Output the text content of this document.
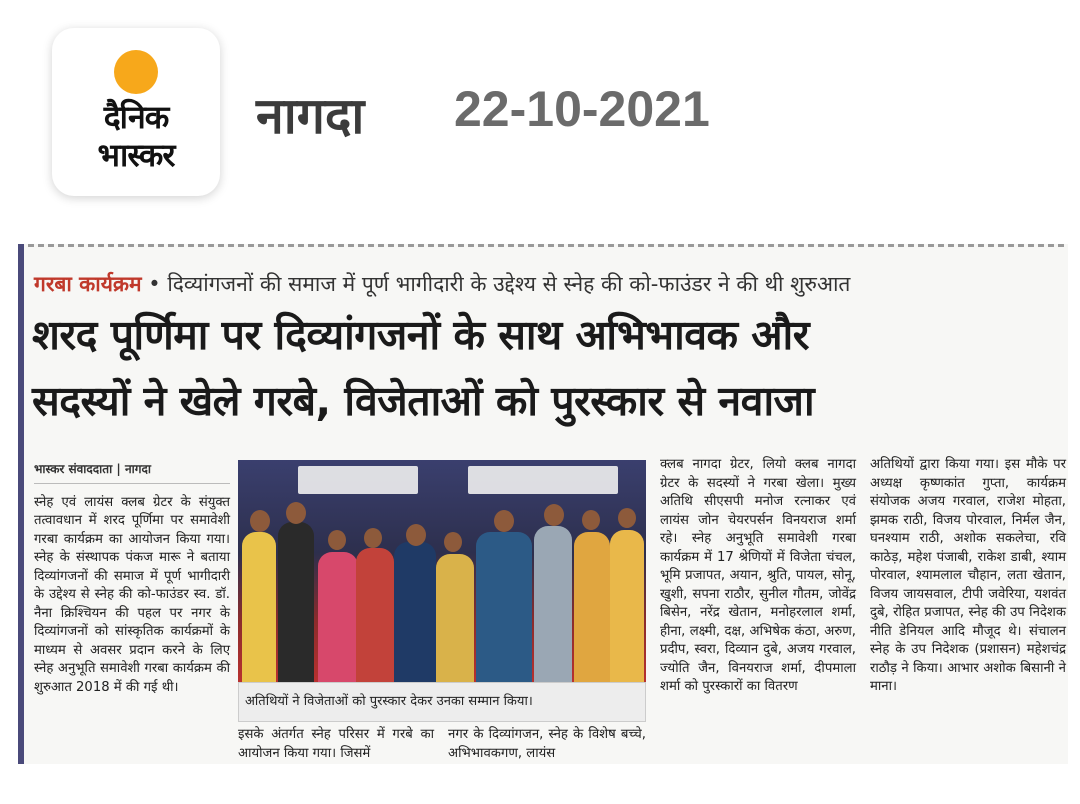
दैनिक
भास्कर
नागदा 22-10-2021
गरबा कार्यक्रम • दिव्यांगजनों की समाज में पूर्ण भागीदारी के उद्देश्य से स्नेह की को-फाउंडर ने की थी शुरुआत
शरद पूर्णिमा पर दिव्यांगजनों के साथ अभिभावक और
सदस्यों ने खेले गरबे, विजेताओं को पुरस्कार से नवाजा
भास्कर संवाददाता | नागदा

स्नेह एवं लायंस क्लब ग्रेटर के संयुक्त तत्वावधान में शरद पूर्णिमा पर समावेशी गरबा कार्यक्रम का आयोजन किया गया। स्नेह के संस्थापक पंकज मारू ने बताया दिव्यांगजनों की समाज में पूर्ण भागीदारी के उद्देश्य से स्नेह की को-फाउंडर स्व. डॉ. नैना क्रिश्चियन की पहल पर नगर के दिव्यांगजनों को सांस्कृतिक कार्यक्रमों के माध्यम से अवसर प्रदान करने के लिए स्नेह अनुभूति समावेशी गरबा कार्यक्रम की शुरुआत 2018 में की गई थी।

अतिथियों ने विजेताओं को पुरस्कार देकर उनका सम्मान किया।
इसके अंतर्गत स्नेह परिसर में गरबे का आयोजन किया गया। जिसमें
नगर के दिव्यांगजन, स्नेह के विशेष बच्चे, अभिभावकगण, लायंस

क्लब नागदा ग्रेटर, लियो क्लब नागदा ग्रेटर के सदस्यों ने गरबा खेला। मुख्य अतिथि सीएसपी मनोज रत्नाकर एवं लायंस जोन चेयरपर्सन विनयराज शर्मा रहे। स्नेह अनुभूति समावेशी गरबा कार्यक्रम में 17 श्रेणियों में विजेता चंचल, भूमि प्रजापत, अयान, श्रुति, पायल, सोनू, खुशी, सपना राठौर, सुनील गौतम, जोवेंद्र बिसेन, नरेंद्र खेतान, मनोहरलाल शर्मा, हीना, लक्ष्मी, दक्ष, अभिषेक कंठा, अरुण, प्रदीप, स्वरा, दिव्यान दुबे, अजय गरवाल, ज्योति जैन, विनयराज शर्मा, दीपमाला शर्मा को पुरस्कारों का वितरण

अतिथियों द्वारा किया गया। इस मौके पर अध्यक्ष कृष्णकांत गुप्ता, कार्यक्रम संयोजक अजय गरवाल, राजेश मोहता, झमक राठी, विजय पोरवाल, निर्मल जैन, घनश्याम राठी, अशोक सकलेचा, रवि काठेड़, महेश पंजाबी, राकेश डाबी, श्याम पोरवाल, श्यामलाल चौहान, लता खेतान, विजय जायसवाल, टीपी जवेरिया, यशवंत दुबे, रोहित प्रजापत, स्नेह की उप निदेशक नीति डेनियल आदि मौजूद थे। संचालन स्नेह के उप निदेशक (प्रशासन) महेशचंद्र राठौड़ ने किया। आभार अशोक बिसानी ने माना।
